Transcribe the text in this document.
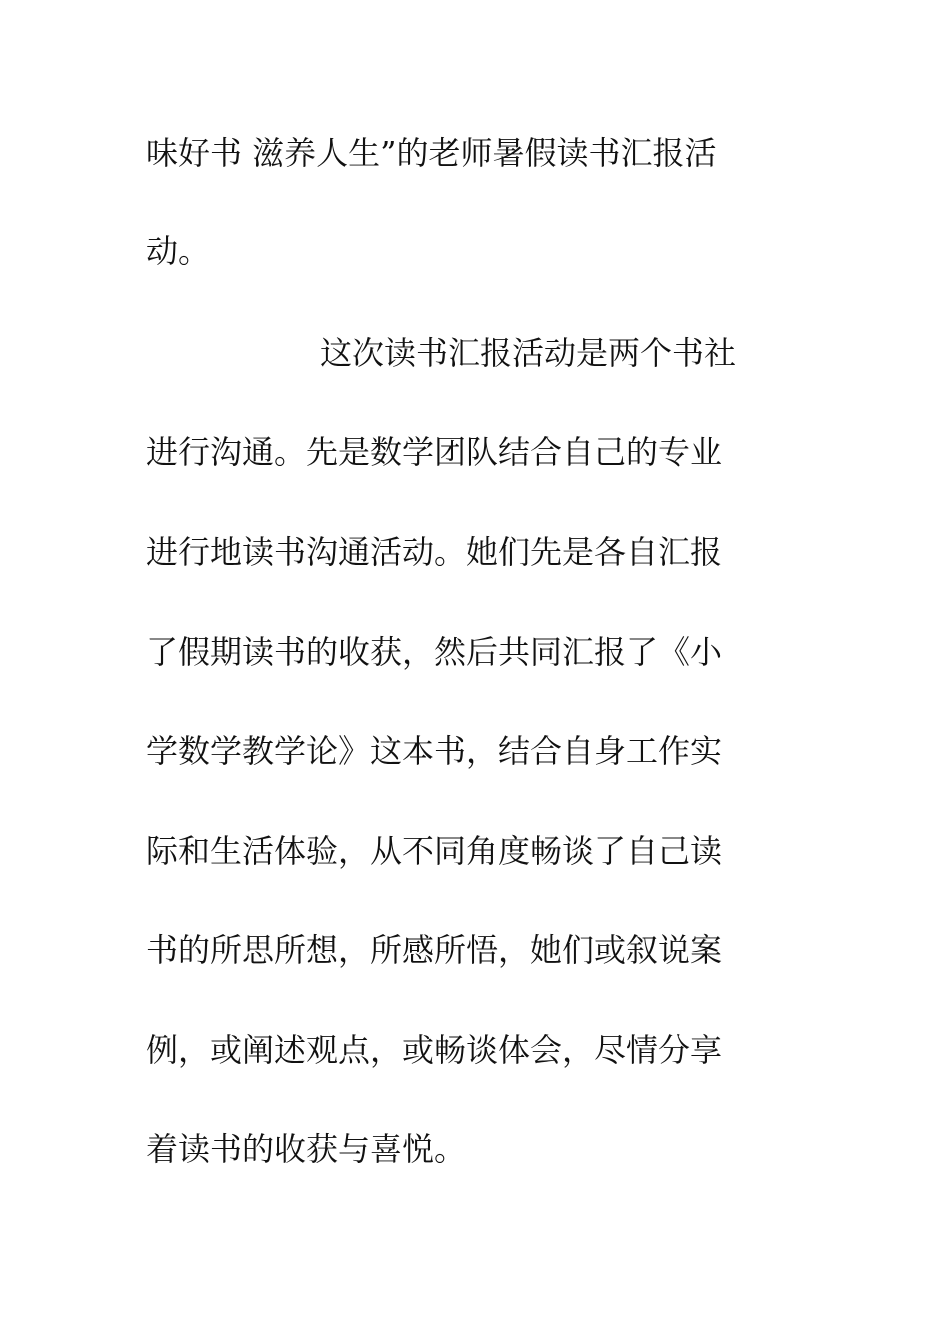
味好书 滋养人生”的老师暑假读书汇报活
动。
这次读书汇报活动是两个书社
进行沟通。先是数学团队结合自己的专业
进行地读书沟通活动。她们先是各自汇报
了假期读书的收获，然后共同汇报了《小
学数学教学论》这本书，结合自身工作实
际和生活体验，从不同角度畅谈了自己读
书的所思所想，所感所悟，她们或叙说案
例，或阐述观点，或畅谈体会，尽情分享
着读书的收获与喜悦。
